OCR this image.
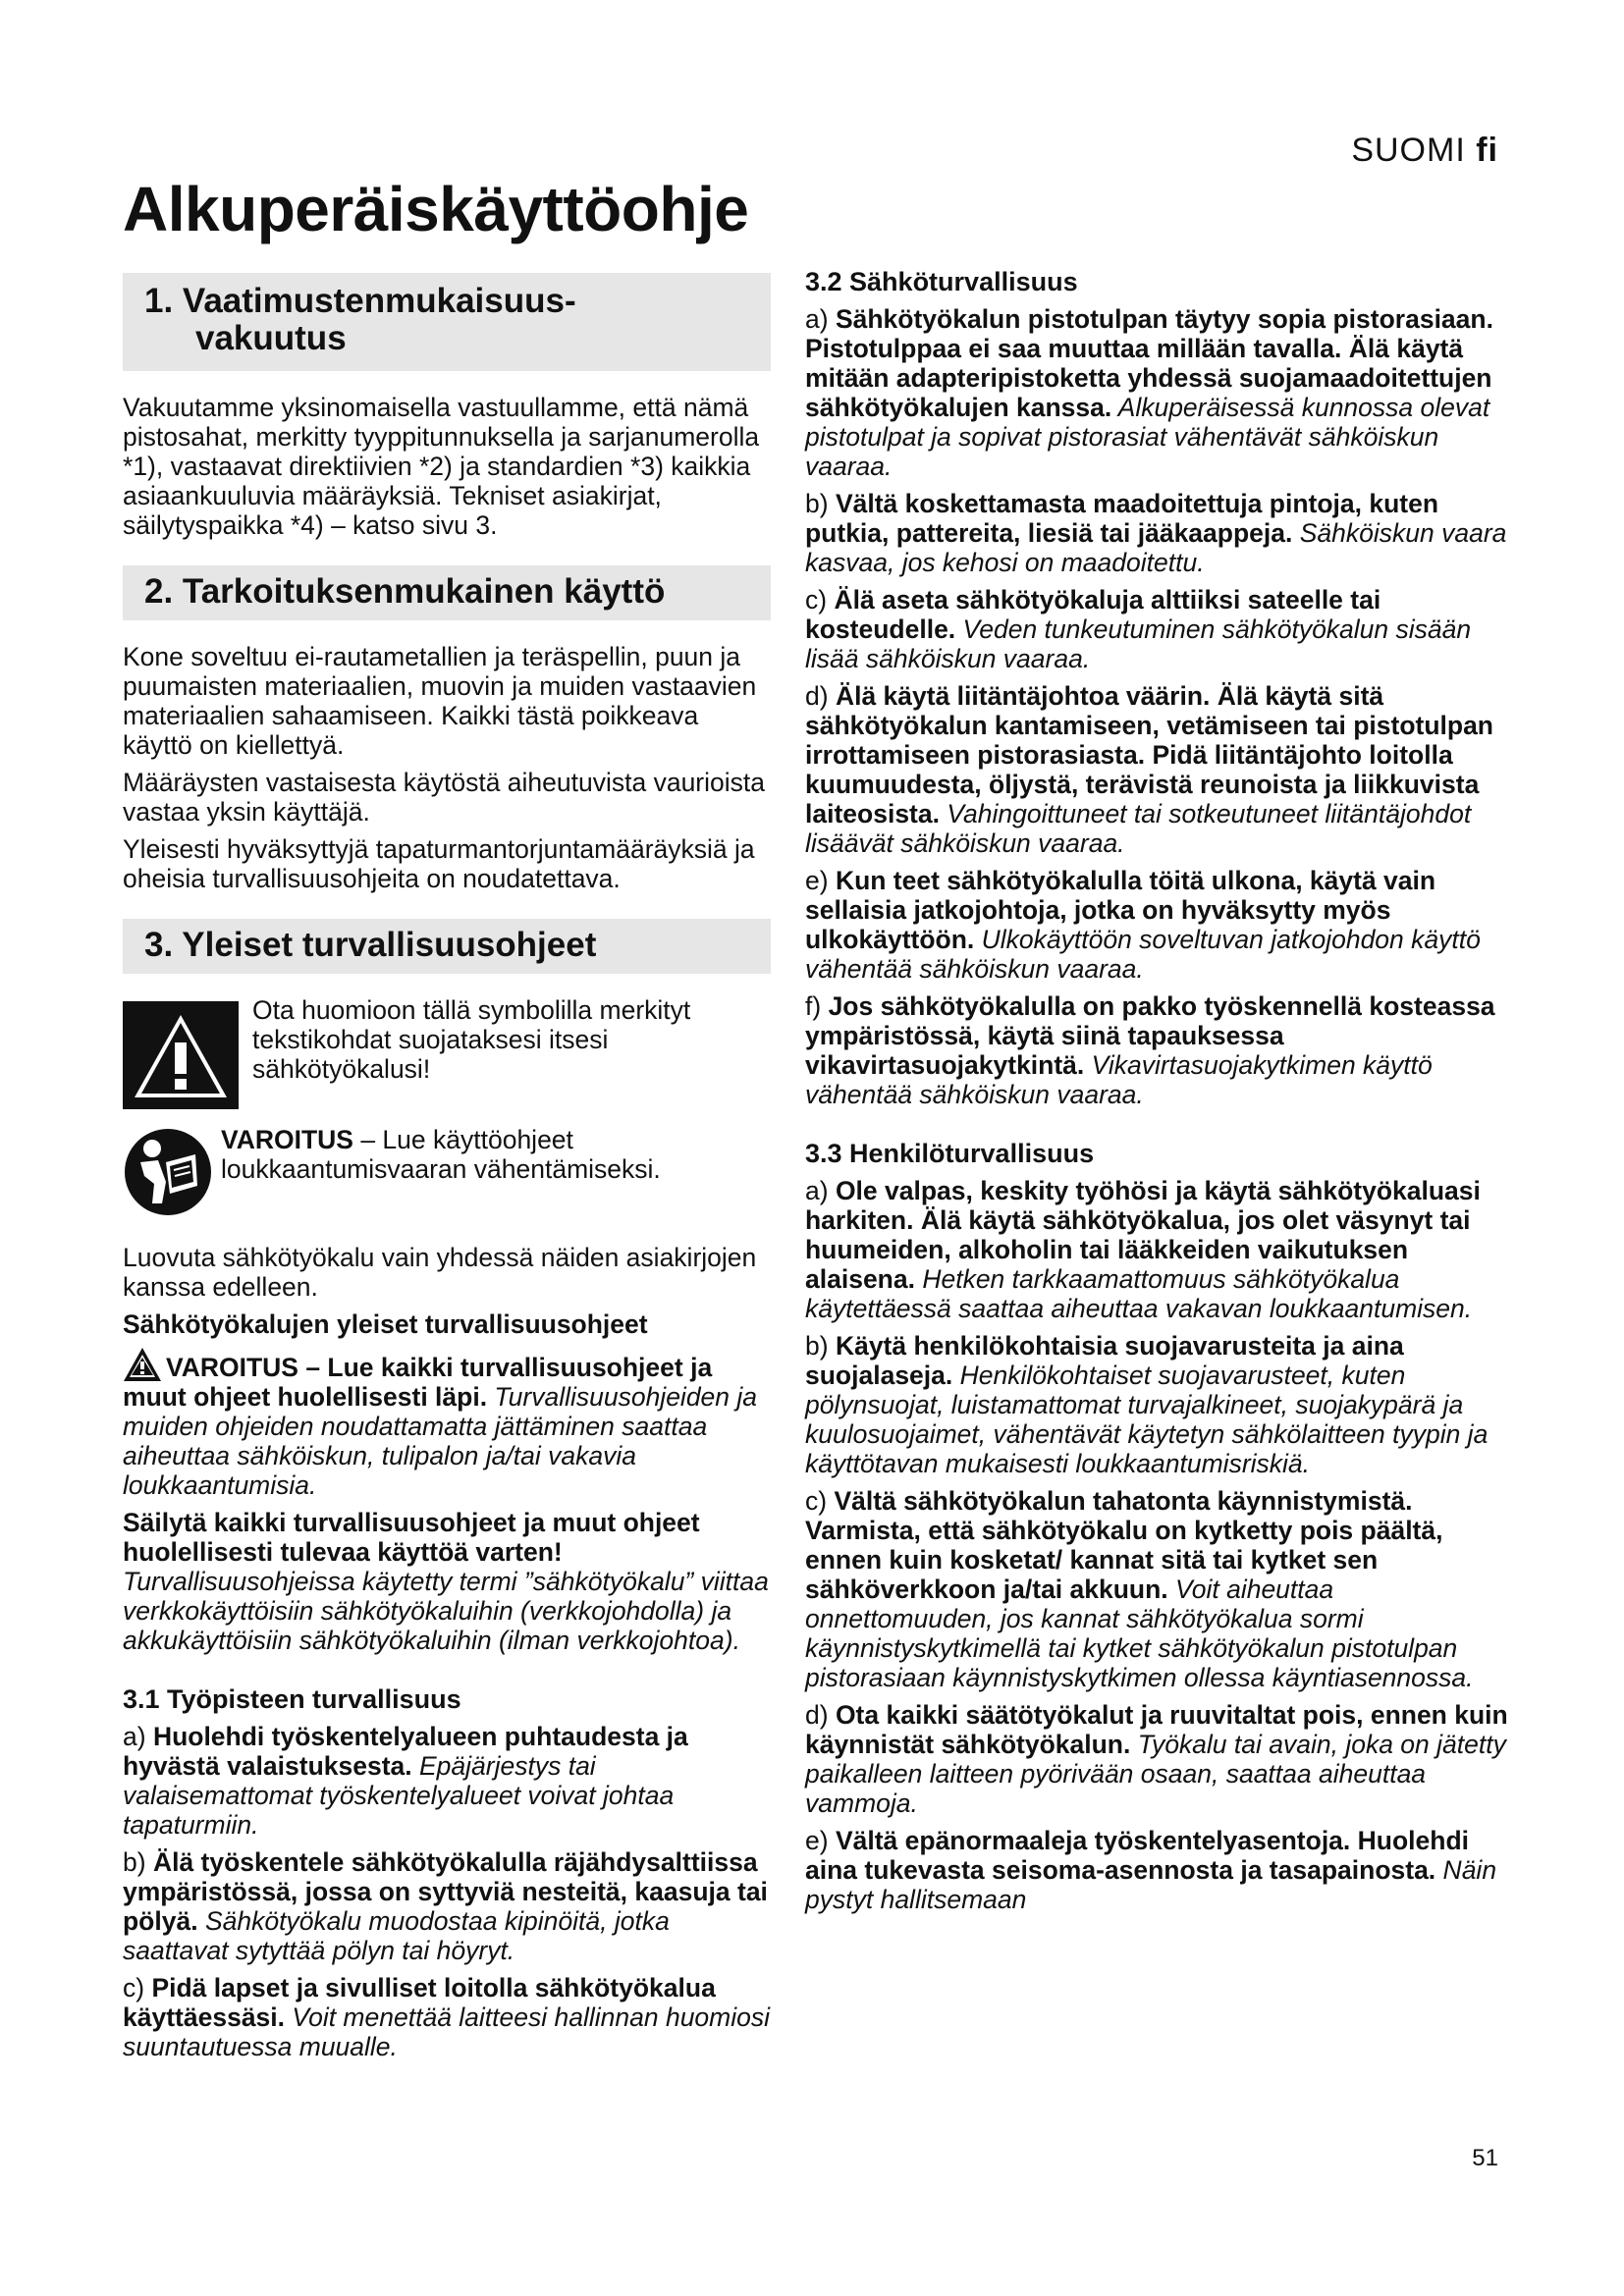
SUOMI fi
Alkuperäiskäyttöohje
1. Vaatimustenmukaisuus-
vakuutus

Vakuutamme yksinomaisella vastuullamme, että nämä pistosahat, merkitty tyyppitunnuksella ja sarjanumerolla *1), vastaavat direktiivien *2) ja standardien *3) kaikkia asiaankuuluvia määräyksiä. Tekniset asiakirjat, säilytyspaikka *4) – katso sivu 3.

2. Tarkoituksenmukainen käyttö

Kone soveltuu ei-rautametallien ja teräspellin, puun ja puumaisten materiaalien, muovin ja muiden vastaavien materiaalien sahaamiseen. Kaikki tästä poikkeava käyttö on kiellettyä.

Määräysten vastaisesta käytöstä aiheutuvista vaurioista vastaa yksin käyttäjä.

Yleisesti hyväksyttyjä tapaturmantorjuntamääräyksiä ja oheisia turvallisuusohjeita on noudatettava.

3. Yleiset turvallisuusohjeet
Ota huomioon tällä symbolilla merkityt tekstikohdat suojataksesi itsesi sähkötyökalusi!
VAROITUS – Lue käyttöohjeet loukkaantumisvaaran vähentämiseksi.

Luovuta sähkötyökalu vain yhdessä näiden asiakirjojen kanssa edelleen.

Sähkötyökalujen yleiset turvallisuusohjeet

VAROITUS – Lue kaikki turvallisuusohjeet ja muut ohjeet huolellisesti läpi. Turvallisuusohjeiden ja muiden ohjeiden noudattamatta jättäminen saattaa aiheuttaa sähköiskun, tulipalon ja/tai vakavia loukkaantumisia.

Säilytä kaikki turvallisuusohjeet ja muut ohjeet huolellisesti tulevaa käyttöä varten! Turvallisuusohjeissa käytetty termi ”sähkötyökalu” viittaa verkkokäyttöisiin sähkötyökaluihin (verkkojohdolla) ja akkukäyttöisiin sähkötyökaluihin (ilman verkkojohtoa).

3.1 Työpisteen turvallisuus

a) Huolehdi työskentelyalueen puhtaudesta ja hyvästä valaistuksesta. Epäjärjestys tai valaisemattomat työskentelyalueet voivat johtaa tapaturmiin.

b) Älä työskentele sähkötyökalulla räjähdysalttiissa ympäristössä, jossa on syttyviä nesteitä, kaasuja tai pölyä. Sähkötyökalu muodostaa kipinöitä, jotka saattavat sytyttää pölyn tai höyryt.

c) Pidä lapset ja sivulliset loitolla sähkötyökalua käyttäessäsi. Voit menettää laitteesi hallinnan huomiosi suuntautuessa muualle.

3.2 Sähköturvallisuus

a) Sähkötyökalun pistotulpan täytyy sopia pistorasiaan. Pistotulppaa ei saa muuttaa millään tavalla. Älä käytä mitään adapteripistoketta yhdessä suojamaadoitettujen sähkötyökalujen kanssa. Alkuperäisessä kunnossa olevat pistotulpat ja sopivat pistorasiat vähentävät sähköiskun vaaraa.

b) Vältä koskettamasta maadoitettuja pintoja, kuten putkia, pattereita, liesiä tai jääkaappeja. Sähköiskun vaara kasvaa, jos kehosi on maadoitettu.

c) Älä aseta sähkötyökaluja alttiiksi sateelle tai kosteudelle. Veden tunkeutuminen sähkötyökalun sisään lisää sähköiskun vaaraa.

d) Älä käytä liitäntäjohtoa väärin. Älä käytä sitä sähkötyökalun kantamiseen, vetämiseen tai pistotulpan irrottamiseen pistorasiasta. Pidä liitäntäjohto loitolla kuumuudesta, öljystä, terävistä reunoista ja liikkuvista laiteosista. Vahingoittuneet tai sotkeutuneet liitäntäjohdot lisäävät sähköiskun vaaraa.

e) Kun teet sähkötyökalulla töitä ulkona, käytä vain sellaisia jatkojohtoja, jotka on hyväksytty myös ulkokäyttöön. Ulkokäyttöön soveltuvan jatkojohdon käyttö vähentää sähköiskun vaaraa.

f) Jos sähkötyökalulla on pakko työskennellä kosteassa ympäristössä, käytä siinä tapauksessa vikavirtasuojakytkintä. Vikavirtasuojakytkimen käyttö vähentää sähköiskun vaaraa.

3.3 Henkilöturvallisuus

a) Ole valpas, keskity työhösi ja käytä sähkötyökaluasi harkiten. Älä käytä sähkötyökalua, jos olet väsynyt tai huumeiden, alkoholin tai lääkkeiden vaikutuksen alaisena. Hetken tarkkaamattomuus sähkötyökalua käytettäessä saattaa aiheuttaa vakavan loukkaantumisen.

b) Käytä henkilökohtaisia suojavarusteita ja aina suojalaseja. Henkilökohtaiset suojavarusteet, kuten pölynsuojat, luistamattomat turvajalkineet, suojakypärä ja kuulosuojaimet, vähentävät käytetyn sähkölaitteen tyypin ja käyttötavan mukaisesti loukkaantumisriskiä.

c) Vältä sähkötyökalun tahatonta käynnistymistä. Varmista, että sähkötyökalu on kytketty pois päältä, ennen kuin kosketat/ kannat sitä tai kytket sen sähköverkkoon ja/tai akkuun. Voit aiheuttaa onnettomuuden, jos kannat sähkötyökalua sormi käynnistyskytkimellä tai kytket sähkötyökalun pistotulpan pistorasiaan käynnistyskytkimen ollessa käyntiasennossa.

d) Ota kaikki säätötyökalut ja ruuvitaltat pois, ennen kuin käynnistät sähkötyökalun. Työkalu tai avain, joka on jätetty paikalleen laitteen pyörivään osaan, saattaa aiheuttaa vammoja.

e) Vältä epänormaaleja työskentelyasentoja. Huolehdi aina tukevasta seisoma-asennosta ja tasapainosta. Näin pystyt hallitsemaan

51
